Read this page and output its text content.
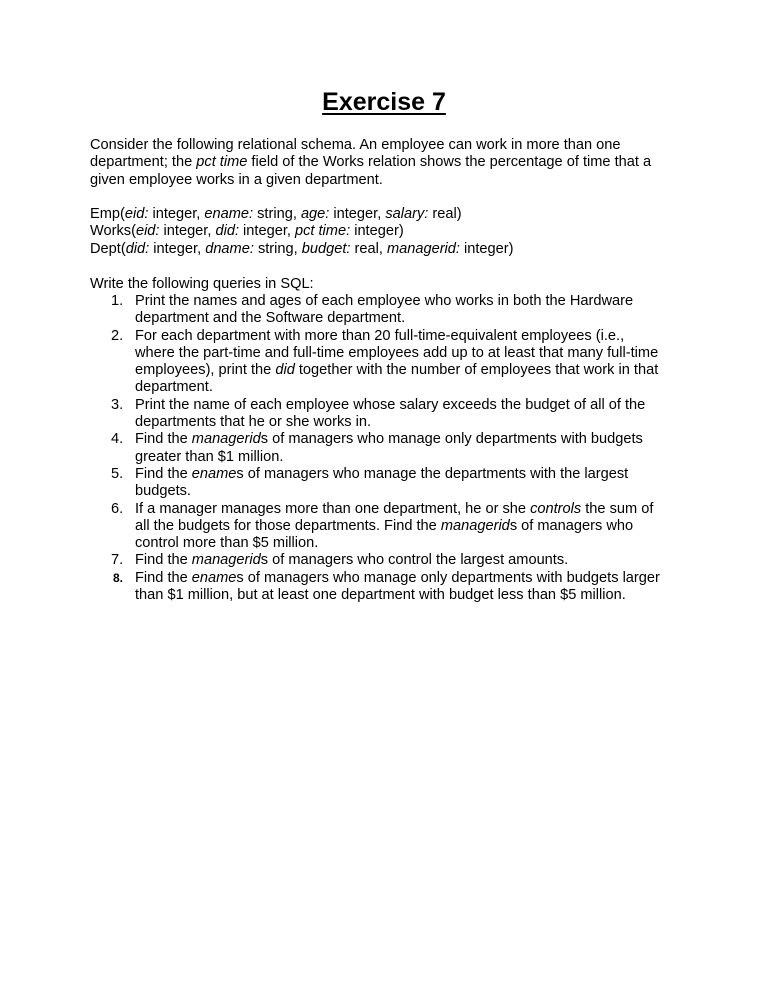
Exercise 7
Consider the following relational schema. An employee can work in more than one
department; the pct time field of the Works relation shows the percentage of time that a
given employee works in a given department.
Emp(eid: integer, ename: string, age: integer, salary: real)
Works(eid: integer, did: integer, pct time: integer)
Dept(did: integer, dname: string, budget: real, managerid: integer)
Write the following queries in SQL:
1. Print the names and ages of each employee who works in both the Hardware
department and the Software department.
2. For each department with more than 20 full-time-equivalent employees (i.e.,
where the part-time and full-time employees add up to at least that many full-time
employees), print the did together with the number of employees that work in that
department.
3. Print the name of each employee whose salary exceeds the budget of all of the
departments that he or she works in.
4. Find the managerids of managers who manage only departments with budgets
greater than $1 million.
5. Find the enames of managers who manage the departments with the largest
budgets.
6. If a manager manages more than one department, he or she controls the sum of
all the budgets for those departments. Find the managerids of managers who
control more than $5 million.
7. Find the managerids of managers who control the largest amounts.
8. Find the enames of managers who manage only departments with budgets larger
than $1 million, but at least one department with budget less than $5 million.
